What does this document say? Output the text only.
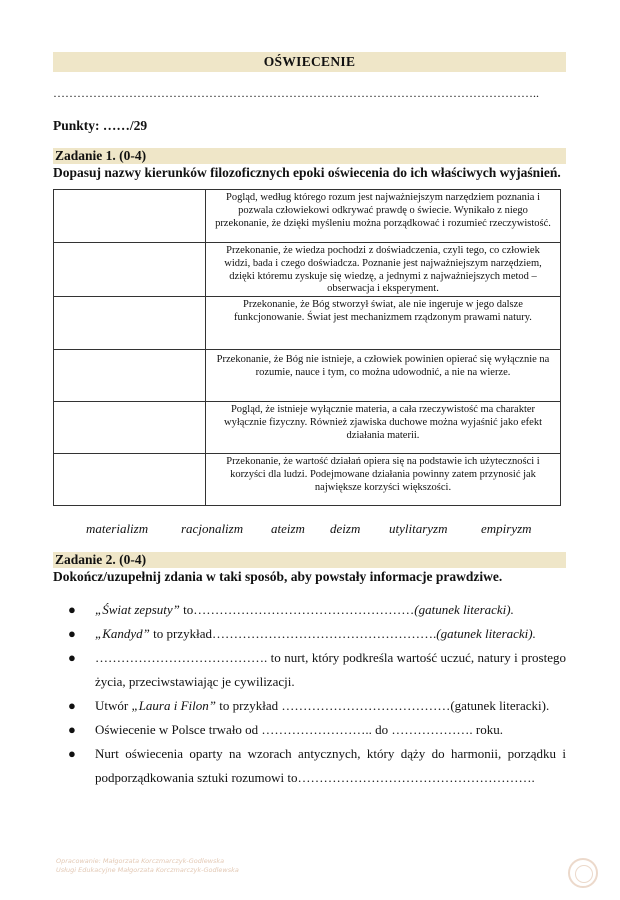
OŚWIECENIE
…………………………………………………………………………………………………………..
Punkty: ……/29
Zadanie 1. (0-4)
Dopasuj nazwy kierunków filozoficznych epoki oświecenia do ich właściwych wyjaśnień.
	Pogląd, według którego rozum jest najważniejszym narzędziem poznania i pozwala człowiekowi odkrywać prawdę o świecie. Wynikało z niego przekonanie, że dzięki myśleniu można porządkować i rozumieć rzeczywistość.
	Przekonanie, że wiedza pochodzi z doświadczenia, czyli tego, co człowiek widzi, bada i czego doświadcza. Poznanie jest najważniejszym narzędziem, dzięki któremu zyskuje się wiedzę, a jednymi z najważniejszych metod – obserwacja i eksperyment.
	Przekonanie, że Bóg stworzył świat, ale nie ingeruje w jego dalsze funkcjonowanie. Świat jest mechanizmem rządzonym prawami natury.
	Przekonanie, że Bóg nie istnieje, a człowiek powinien opierać się wyłącznie na rozumie, nauce i tym, co można udowodnić, a nie na wierze.
	Pogląd, że istnieje wyłącznie materia, a cała rzeczywistość ma charakter wyłącznie fizyczny. Również zjawiska duchowe można wyjaśnić jako efekt działania materii.
	Przekonanie, że wartość działań opiera się na podstawie ich użyteczności i korzyści dla ludzi. Podejmowane działania powinny zatem przynosić jak największe korzyści większości.
materializm	racjonalizm ateizm deizm utylitaryzm	empiryzm
Zadanie 2. (0-4)
Dokończ/uzupełnij zdania w taki sposób, aby powstały informacje prawdziwe.
● „Świat zepsuty” to……………………………………………(gatunek literacki).
● „Kandyd” to przykład…………………………………………….(gatunek literacki).
● …………………………………. to nurt, który podkreśla wartość uczuć, natury i prostego życia, przeciwstawiając je cywilizacji.
● Utwór „Laura i Filon” to przykład …………………………………(gatunek literacki).
● Oświecenie w Polsce trwało od …………………….. do ………………. roku.
● Nurt oświecenia oparty na wzorach antycznych, który dąży do harmonii, porządku i podporządkowania sztuki rozumowi to……………………………………………….
Opracowanie: Małgorzata Korczmarczyk-Godlewska
Usługi Edukacyjne Małgorzata Korczmarczyk-Godlewska
